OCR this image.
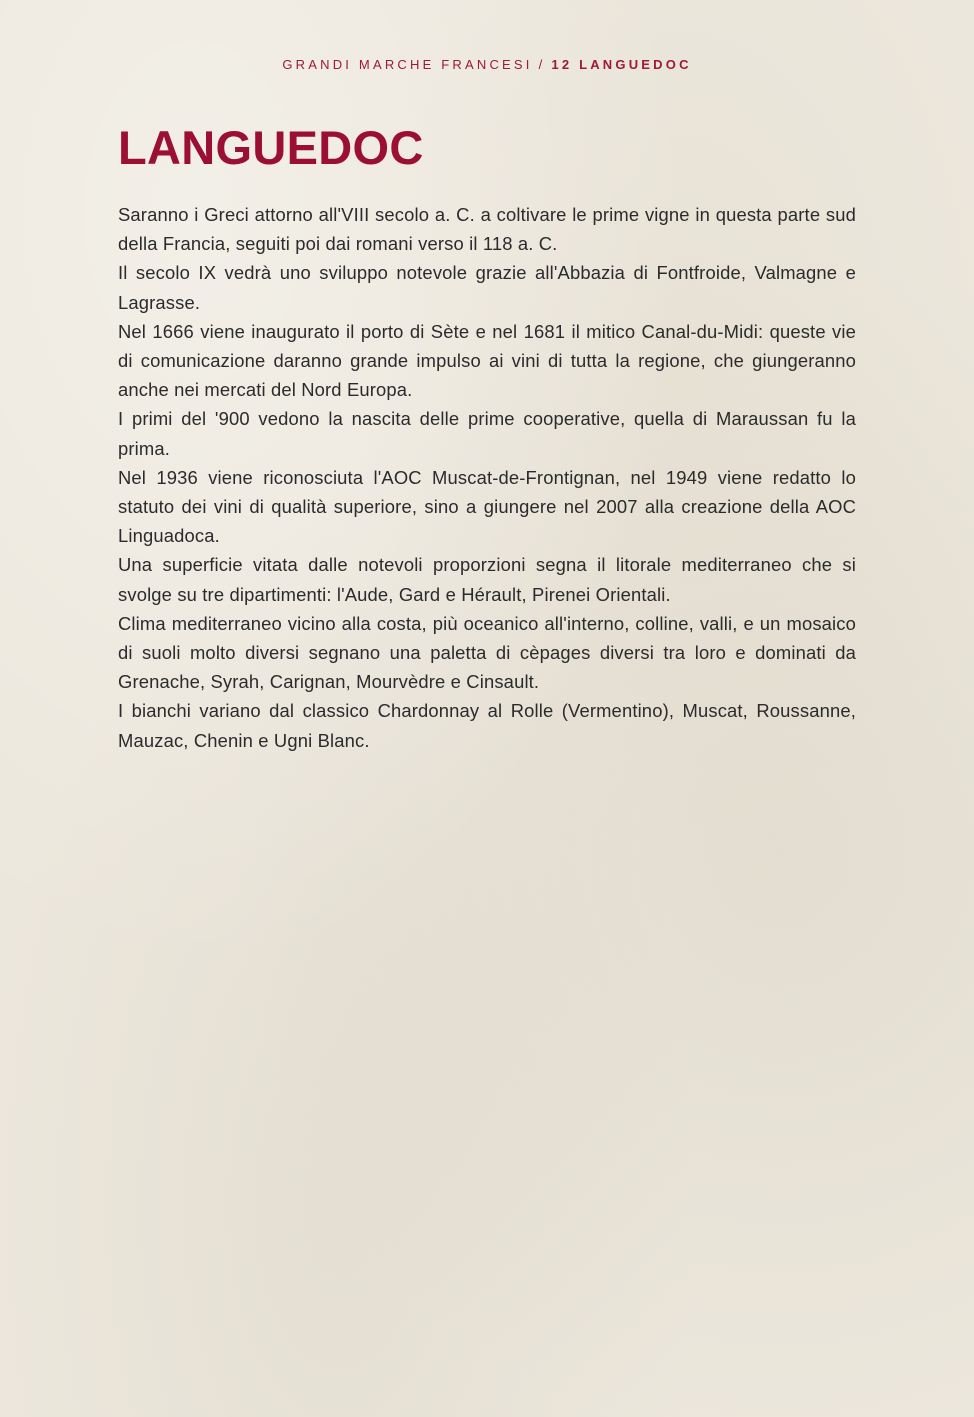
GRANDI MARCHE FRANCESI / 12 LANGUEDOC
LANGUEDOC

Saranno i Greci attorno all'VIII secolo a. C. a coltivare le prime vigne in questa parte sud della Francia, seguiti poi dai romani verso il 118 a. C.

Il secolo IX vedrà uno sviluppo notevole grazie all'Abbazia di Fontfroide, Valmagne e Lagrasse.

Nel 1666 viene inaugurato il porto di Sète e nel 1681 il mitico Canal-du-Midi: queste vie di comunicazione daranno grande impulso ai vini di tutta la regione, che giungeranno anche nei mercati del Nord Europa.

I primi del '900 vedono la nascita delle prime cooperative, quella di Maraussan fu la prima.

Nel 1936 viene riconosciuta l'AOC Muscat-de-Frontignan, nel 1949 viene redatto lo statuto dei vini di qualità superiore, sino a giungere nel 2007 alla creazione della AOC Linguadoca.

Una superficie vitata dalle notevoli proporzioni segna il litorale mediterraneo che si svolge su tre dipartimenti: l'Aude, Gard e Hérault, Pirenei Orientali.

Clima mediterraneo vicino alla costa, più oceanico all'interno, colline, valli, e un mosaico di suoli molto diversi segnano una paletta di cèpages diversi tra loro e dominati da Grenache, Syrah, Carignan, Mourvèdre e Cinsault.

I bianchi variano dal classico Chardonnay al Rolle (Vermentino), Muscat, Roussanne, Mauzac, Chenin e Ugni Blanc.
